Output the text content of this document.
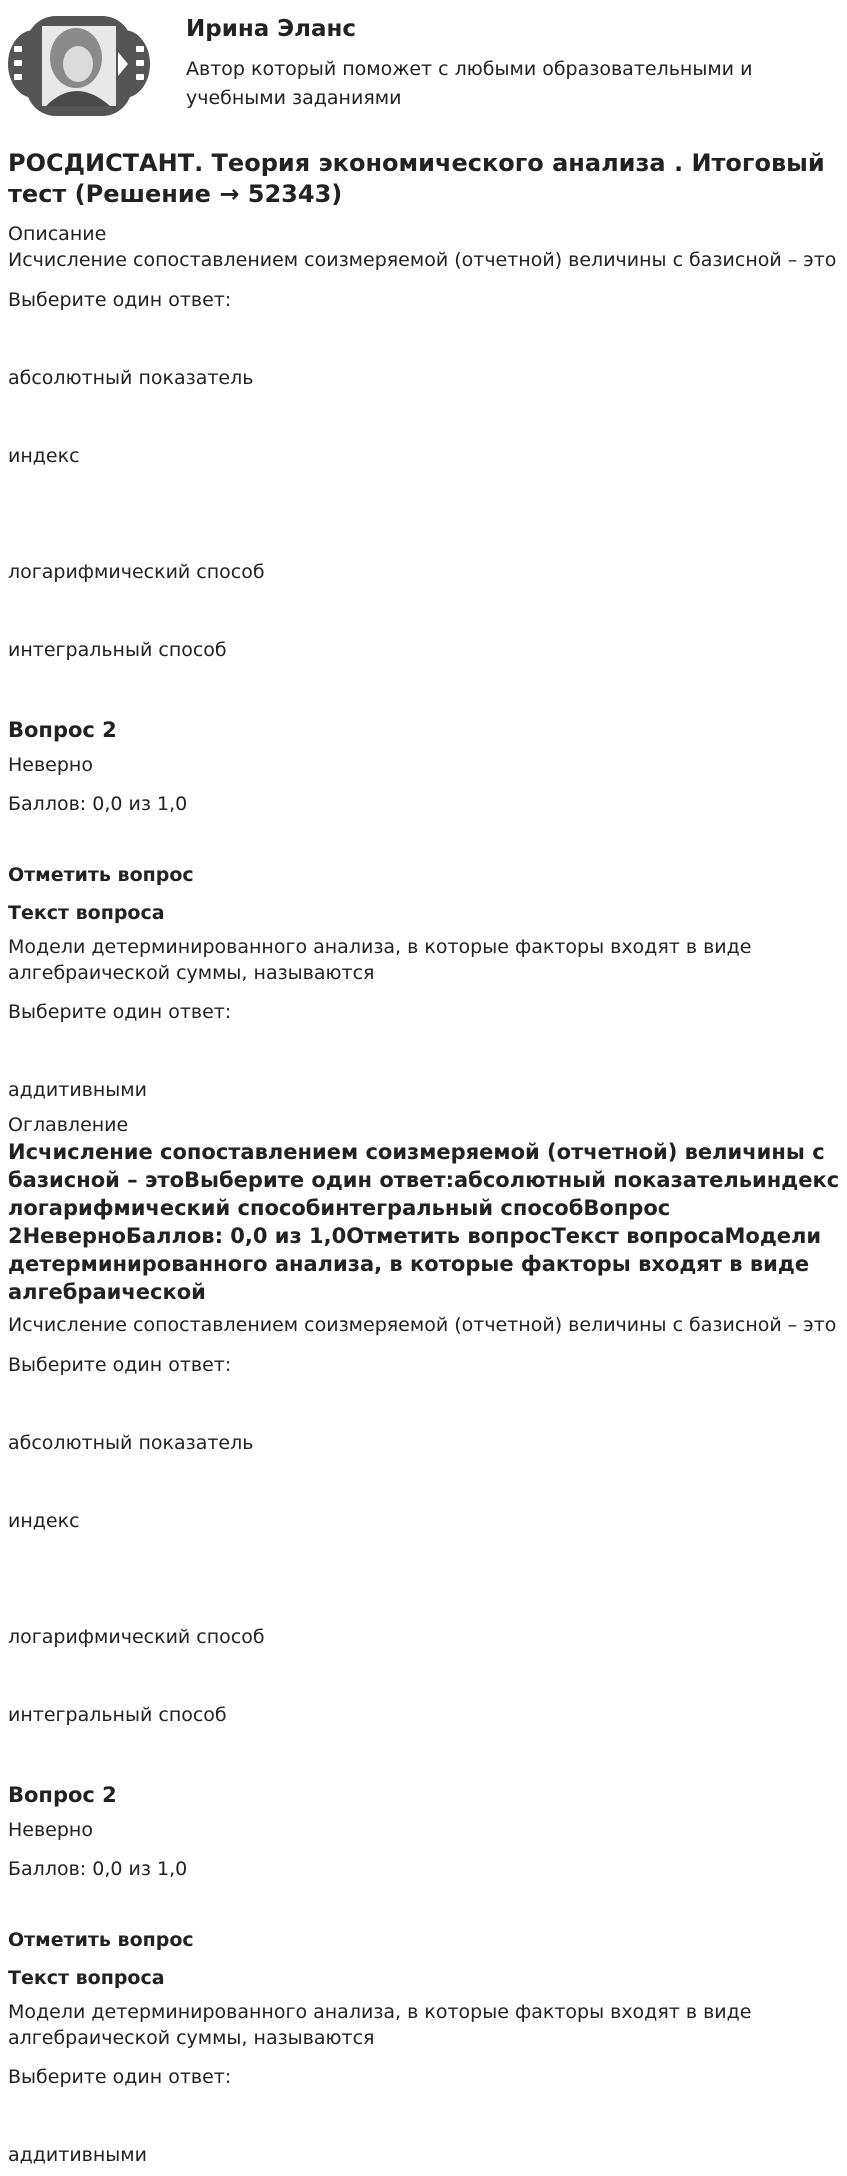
Ирина Эланс
Автор который поможет с любыми образовательными и учебными заданиями
РОСДИСТАНТ. Теория экономического анализа . Итоговый тест (Решение → 52343)

Описание

Исчисление сопоставлением соизмеряемой (отчетной) величины с базисной – это

Выберите один ответ:

абсолютный показатель

индекс

логарифмический способ

интегральный способ

Вопрос 2

Неверно

Баллов: 0,0 из 1,0

Отметить вопрос

Текст вопроса

Модели детерминированного анализа, в которые факторы входят в виде алгебраической суммы, называются

Выберите один ответ:

аддитивными

Оглавление

Исчисление сопоставлением соизмеряемой (отчетной) величины с базисной – этоВыберите один ответ:абсолютный показательиндекс логарифмический способинтегральный способВопрос 2НеверноБаллов: 0,0 из 1,0Отметить вопросТекст вопросаМодели детерминированного анализа, в которые факторы входят в виде алгебраической

Исчисление сопоставлением соизмеряемой (отчетной) величины с базисной – это

Выберите один ответ:

абсолютный показатель

индекс

логарифмический способ

интегральный способ

Вопрос 2

Неверно

Баллов: 0,0 из 1,0

Отметить вопрос

Текст вопроса

Модели детерминированного анализа, в которые факторы входят в виде алгебраической суммы, называются

Выберите один ответ:

аддитивными
